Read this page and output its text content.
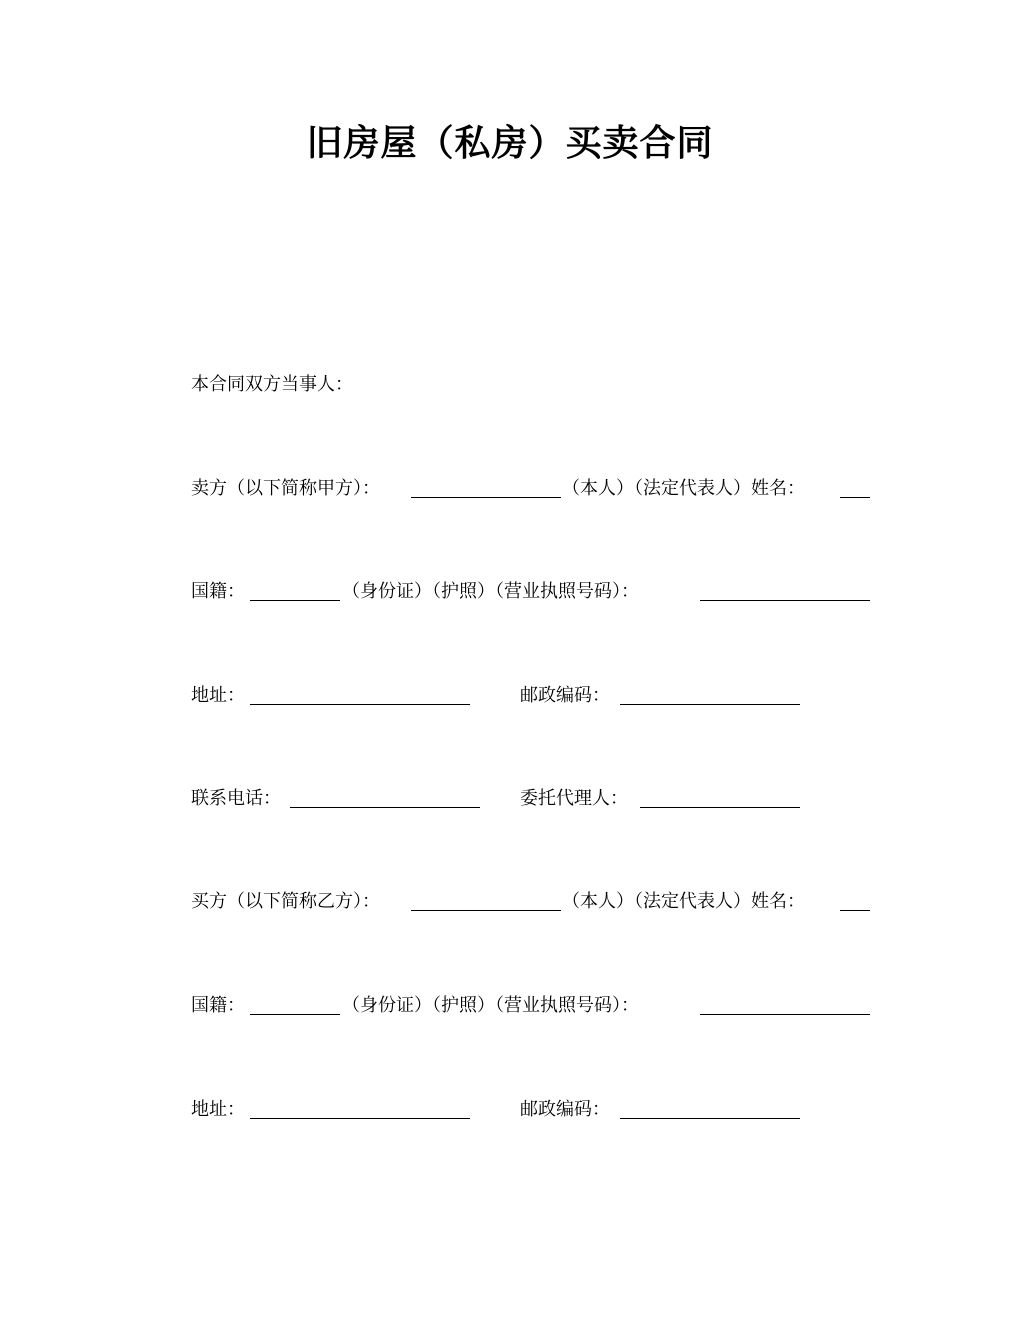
旧房屋（私房）买卖合同
本合同双方当事人：
卖方（以下简称甲方）：	（本人）（法定代表人）姓名：
国籍：	（身份证）（护照）（营业执照号码）：
地址：	邮政编码：
联系电话：	委托代理人：
买方（以下简称乙方）：	（本人）（法定代表人）姓名：
国籍：	（身份证）（护照）（营业执照号码）：
地址：	邮政编码：
